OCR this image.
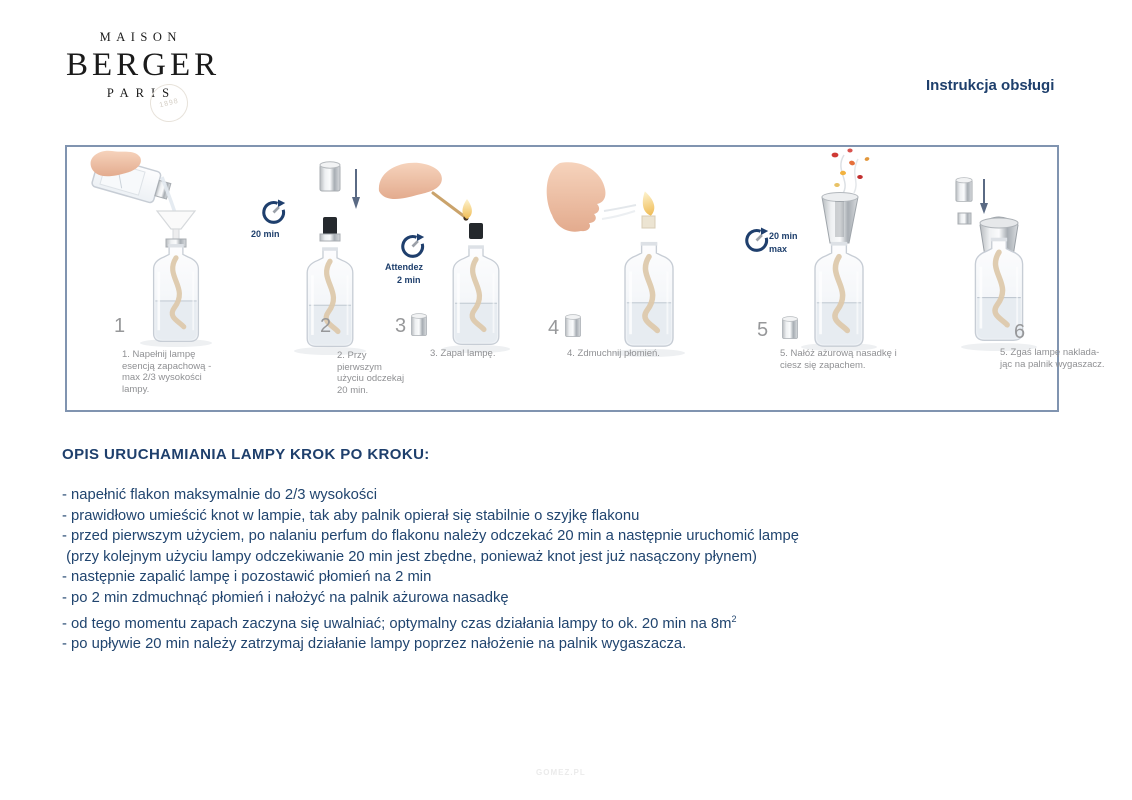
MAISON
BERGER
PARIS
1898
Instrukcja obsługi
1
1. Napełnij lampę esencją zapachową - max 2/3 wysokości lampy.
20 min
2
2. Przy pierwszym użyciu odczekaj 20 min.
Attendez
2 min
3
3. Zapal lampę.
4
4. Zdmuchnij płomień.
20 min
max
5
5. Nałóż ażurową nasadkę i ciesz się zapachem.
6
5. Zgaś lampę naklada- jąc na palnik wygaszacz.
OPIS URUCHAMIANIA LAMPY KROK PO KROKU:
- napełnić flakon maksymalnie do 2/3 wysokości
- prawidłowo umieścić knot w lampie, tak aby palnik opierał się stabilnie o szyjkę flakonu
- przed pierwszym użyciem, po nalaniu perfum do flakonu należy odczekać 20 min a następnie uruchomić lampę
(przy kolejnym użyciu lampy odczekiwanie 20 min jest zbędne, ponieważ knot jest już nasączony płynem)
- następnie zapalić lampę i pozostawić płomień na 2 min
- po 2 min zdmuchnąć płomień i nałożyć na palnik ażurowa nasadkę
- od tego momentu zapach zaczyna się uwalniać; optymalny czas działania lampy to ok. 20 min na $8m^2$
- po upływie 20 min należy zatrzymaj działanie lampy poprzez nałożenie na palnik wygaszacza.
GOMEZ.PL
